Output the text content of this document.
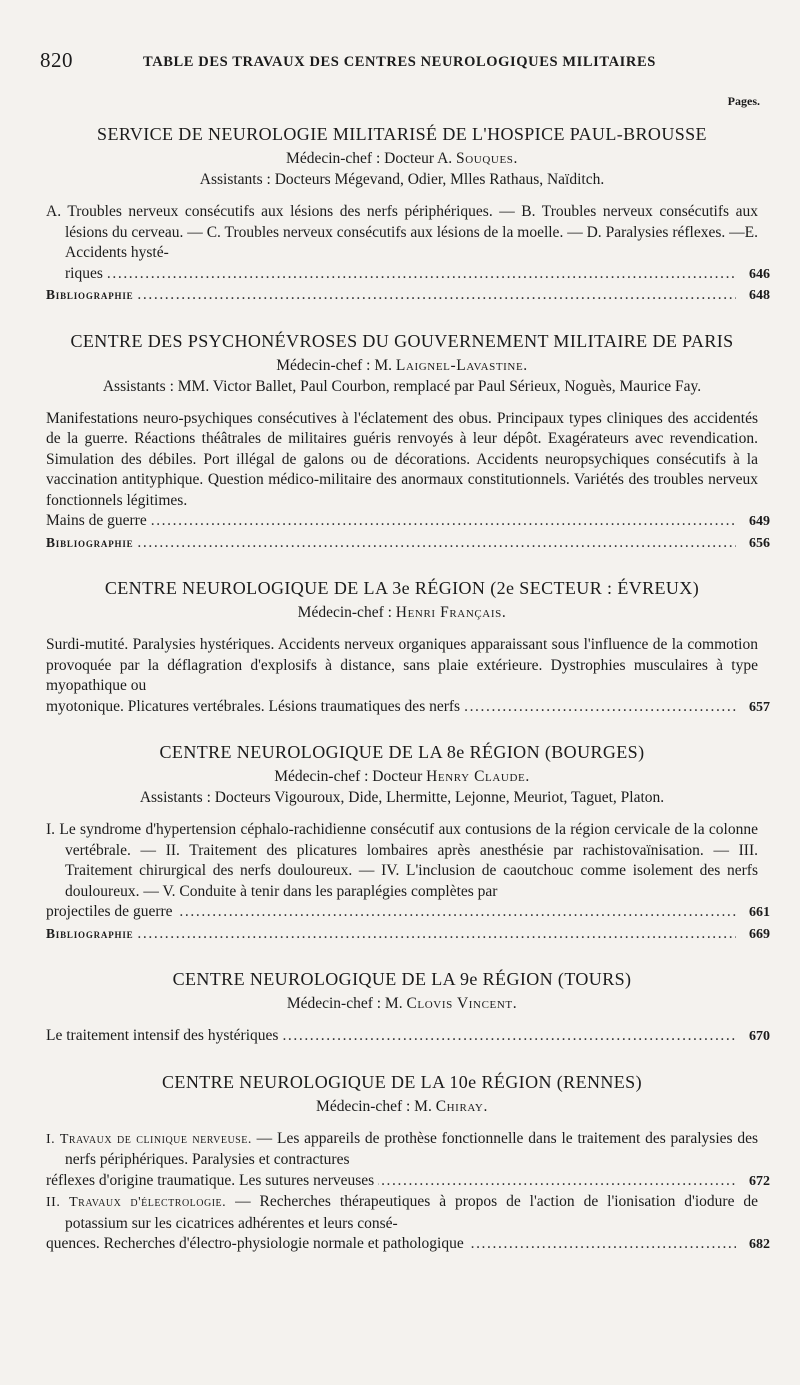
820	TABLE DES TRAVAUX DES CENTRES NEUROLOGIQUES MILITAIRES
Pages.
SERVICE DE NEUROLOGIE MILITARISÉ DE L'HOSPICE PAUL-BROUSSE
Médecin-chef : Docteur A. Souques.
Assistants : Docteurs Mégevand, Odier, Mlles Rathaus, Naïditch.
A. Troubles nerveux consécutifs aux lésions des nerfs périphériques. — B. Troubles nerveux consécutifs aux lésions du cerveau. — C. Troubles nerveux consécutifs aux lésions de la moelle. — D. Paralysies réflexes. —E. Accidents hysté-
riques .....	646
Bibliographie .....	648
CENTRE DES PSYCHONÉVROSES DU GOUVERNEMENT MILITAIRE DE PARIS
Médecin-chef : M. Laignel-Lavastine.
Assistants : MM. Victor Ballet, Paul Courbon, remplacé par Paul Sérieux, Noguès, Maurice Fay.
Manifestations neuro-psychiques consécutives à l'éclatement des obus. Principaux types cliniques des accidentés de la guerre. Réactions théâtrales de militaires guéris renvoyés à leur dépôt. Exagérateurs avec revendication. Simulation des débiles. Port illégal de galons ou de décorations. Accidents neuropsychiques consécutifs à la vaccination antityphique. Question médico-militaire des anormaux constitutionnels. Variétés des troubles nerveux fonctionnels légitimes.
Mains de guerre .....	649
Bibliographie .....	656
CENTRE NEUROLOGIQUE DE LA 3e RÉGION (2e SECTEUR : ÉVREUX)
Médecin-chef : Henri Français.
Surdi-mutité. Paralysies hystériques. Accidents nerveux organiques apparaissant sous l'influence de la commotion provoquée par la déflagration d'explosifs à distance, sans plaie extérieure. Dystrophies musculaires à type myopathique ou
myotonique. Plicatures vertébrales. Lésions traumatiques des nerfs .....	657
CENTRE NEUROLOGIQUE DE LA 8e RÉGION (BOURGES)
Médecin-chef : Docteur Henry Claude.
Assistants : Docteurs Vigouroux, Dide, Lhermitte, Lejonne, Meuriot, Taguet, Platon.
I. Le syndrome d'hypertension céphalo-rachidienne consécutif aux contusions de la région cervicale de la colonne vertébrale. — II. Traitement des plicatures lombaires après anesthésie par rachistovaïnisation. — III. Traitement chirurgical des nerfs douloureux. — IV. L'inclusion de caoutchouc comme isolement des nerfs douloureux. — V. Conduite à tenir dans les paraplégies complètes par
projectiles de guerre .....	661
Bibliographie .....	669
CENTRE NEUROLOGIQUE DE LA 9e RÉGION (TOURS)
Médecin-chef : M. Clovis Vincent.
Le traitement intensif des hystériques .....	670
CENTRE NEUROLOGIQUE DE LA 10e RÉGION (RENNES)
Médecin-chef : M. Chiray.
I. Travaux de clinique nerveuse. — Les appareils de prothèse fonctionnelle dans le traitement des paralysies des nerfs périphériques. Paralysies et contractures
réflexes d'origine traumatique. Les sutures nerveuses .....	672
II. Travaux d'électrologie. — Recherches thérapeutiques à propos de l'action de l'ionisation d'iodure de potassium sur les cicatrices adhérentes et leurs consé-
quences. Recherches d'électro-physiologie normale et pathologique .....	682
